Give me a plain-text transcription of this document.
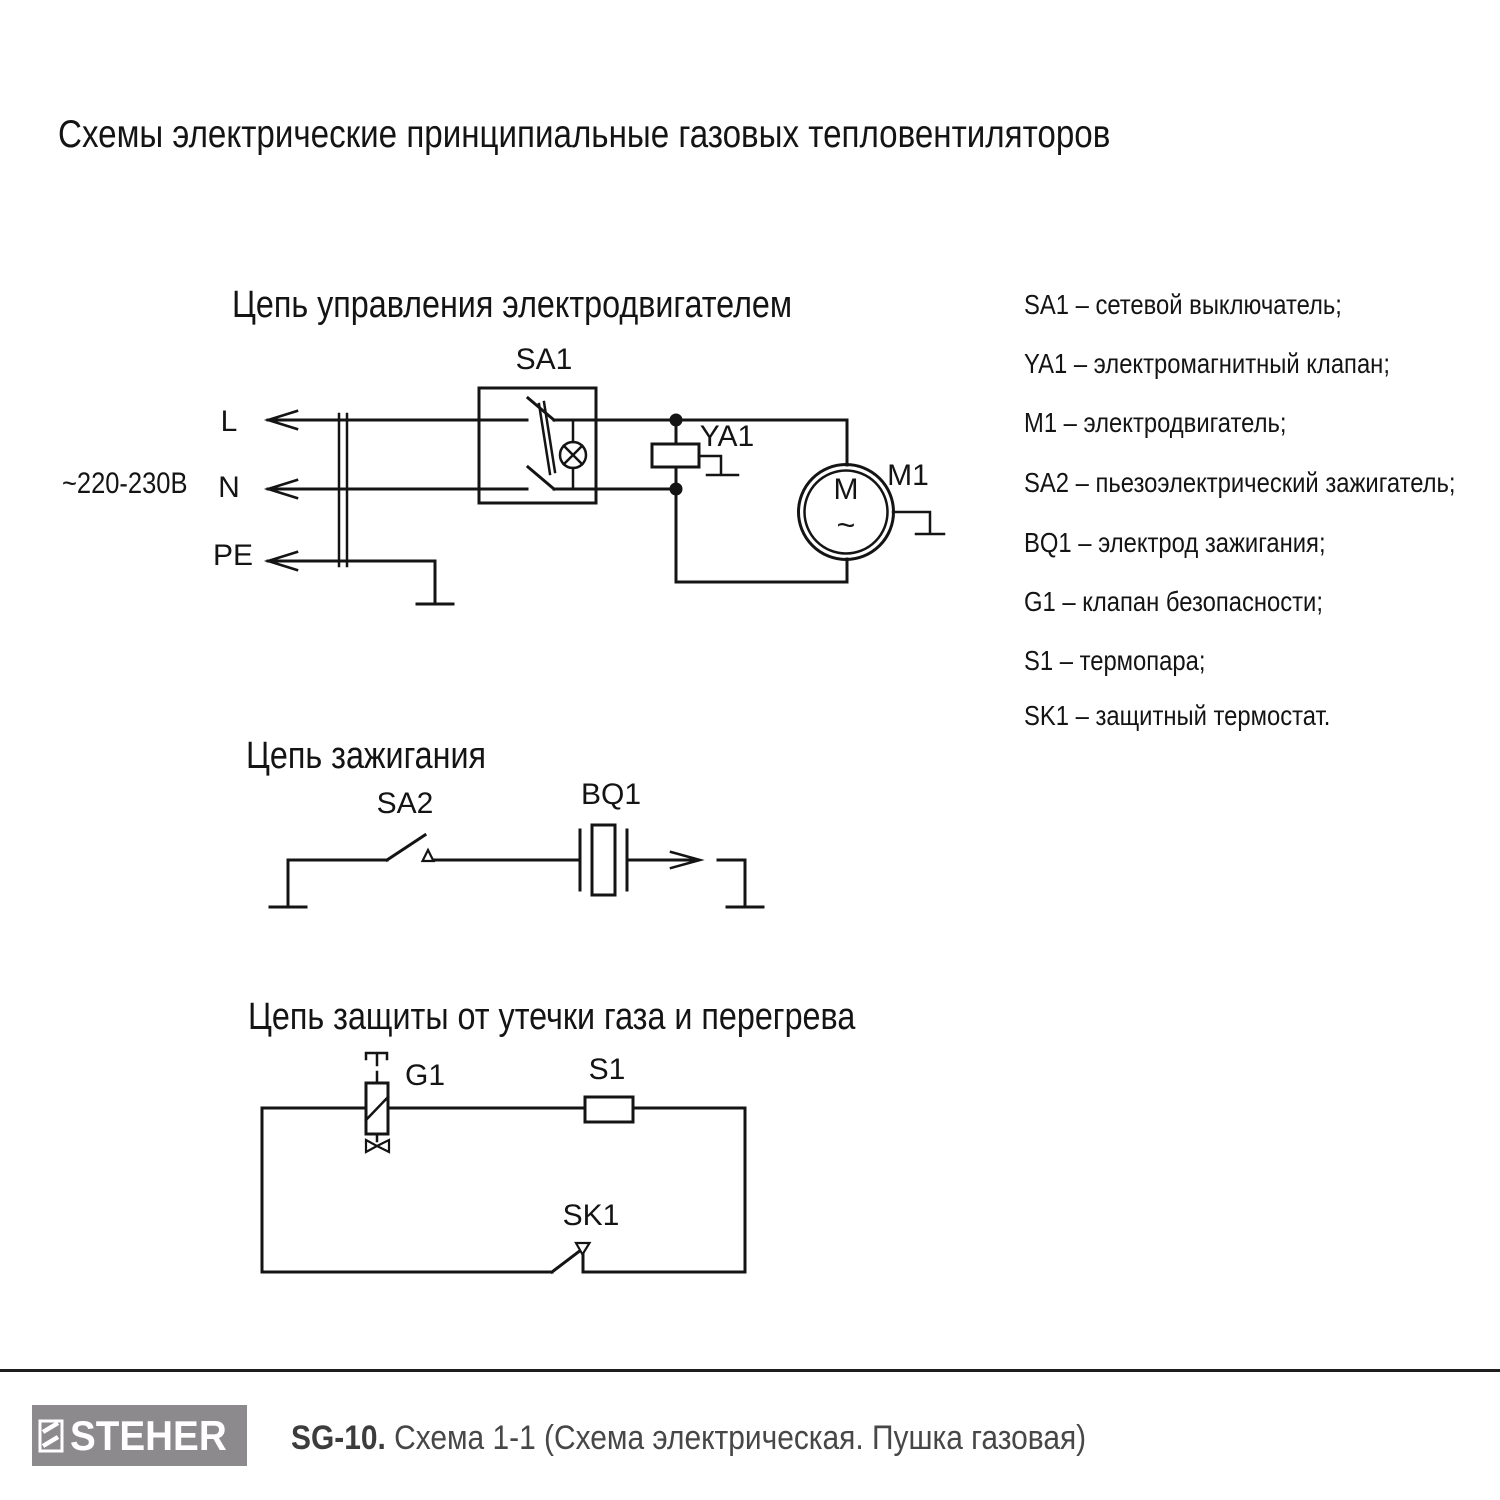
Схемы электрические принципиальные газовых тепловентиляторов
Цепь управления электродвигателем
~220-230В
L
N
PE
SA1
YA1
M1
M
~
Цепь зажигания
SA2	BQ1
Цепь защиты от утечки газа и перегрева
G1	S1
SK1
SA1 – сетевой выключатель;
YA1 – электромагнитный клапан;
M1 – электродвигатель;
SA2 – пьезоэлектрический зажигатель;
BQ1 – электрод зажигания;
G1 – клапан безопасности;
S1 – термопара;
SK1 – защитный термостат.
STEHER SG-10. Схема 1-1 (Схема электрическая. Пушка газовая)
